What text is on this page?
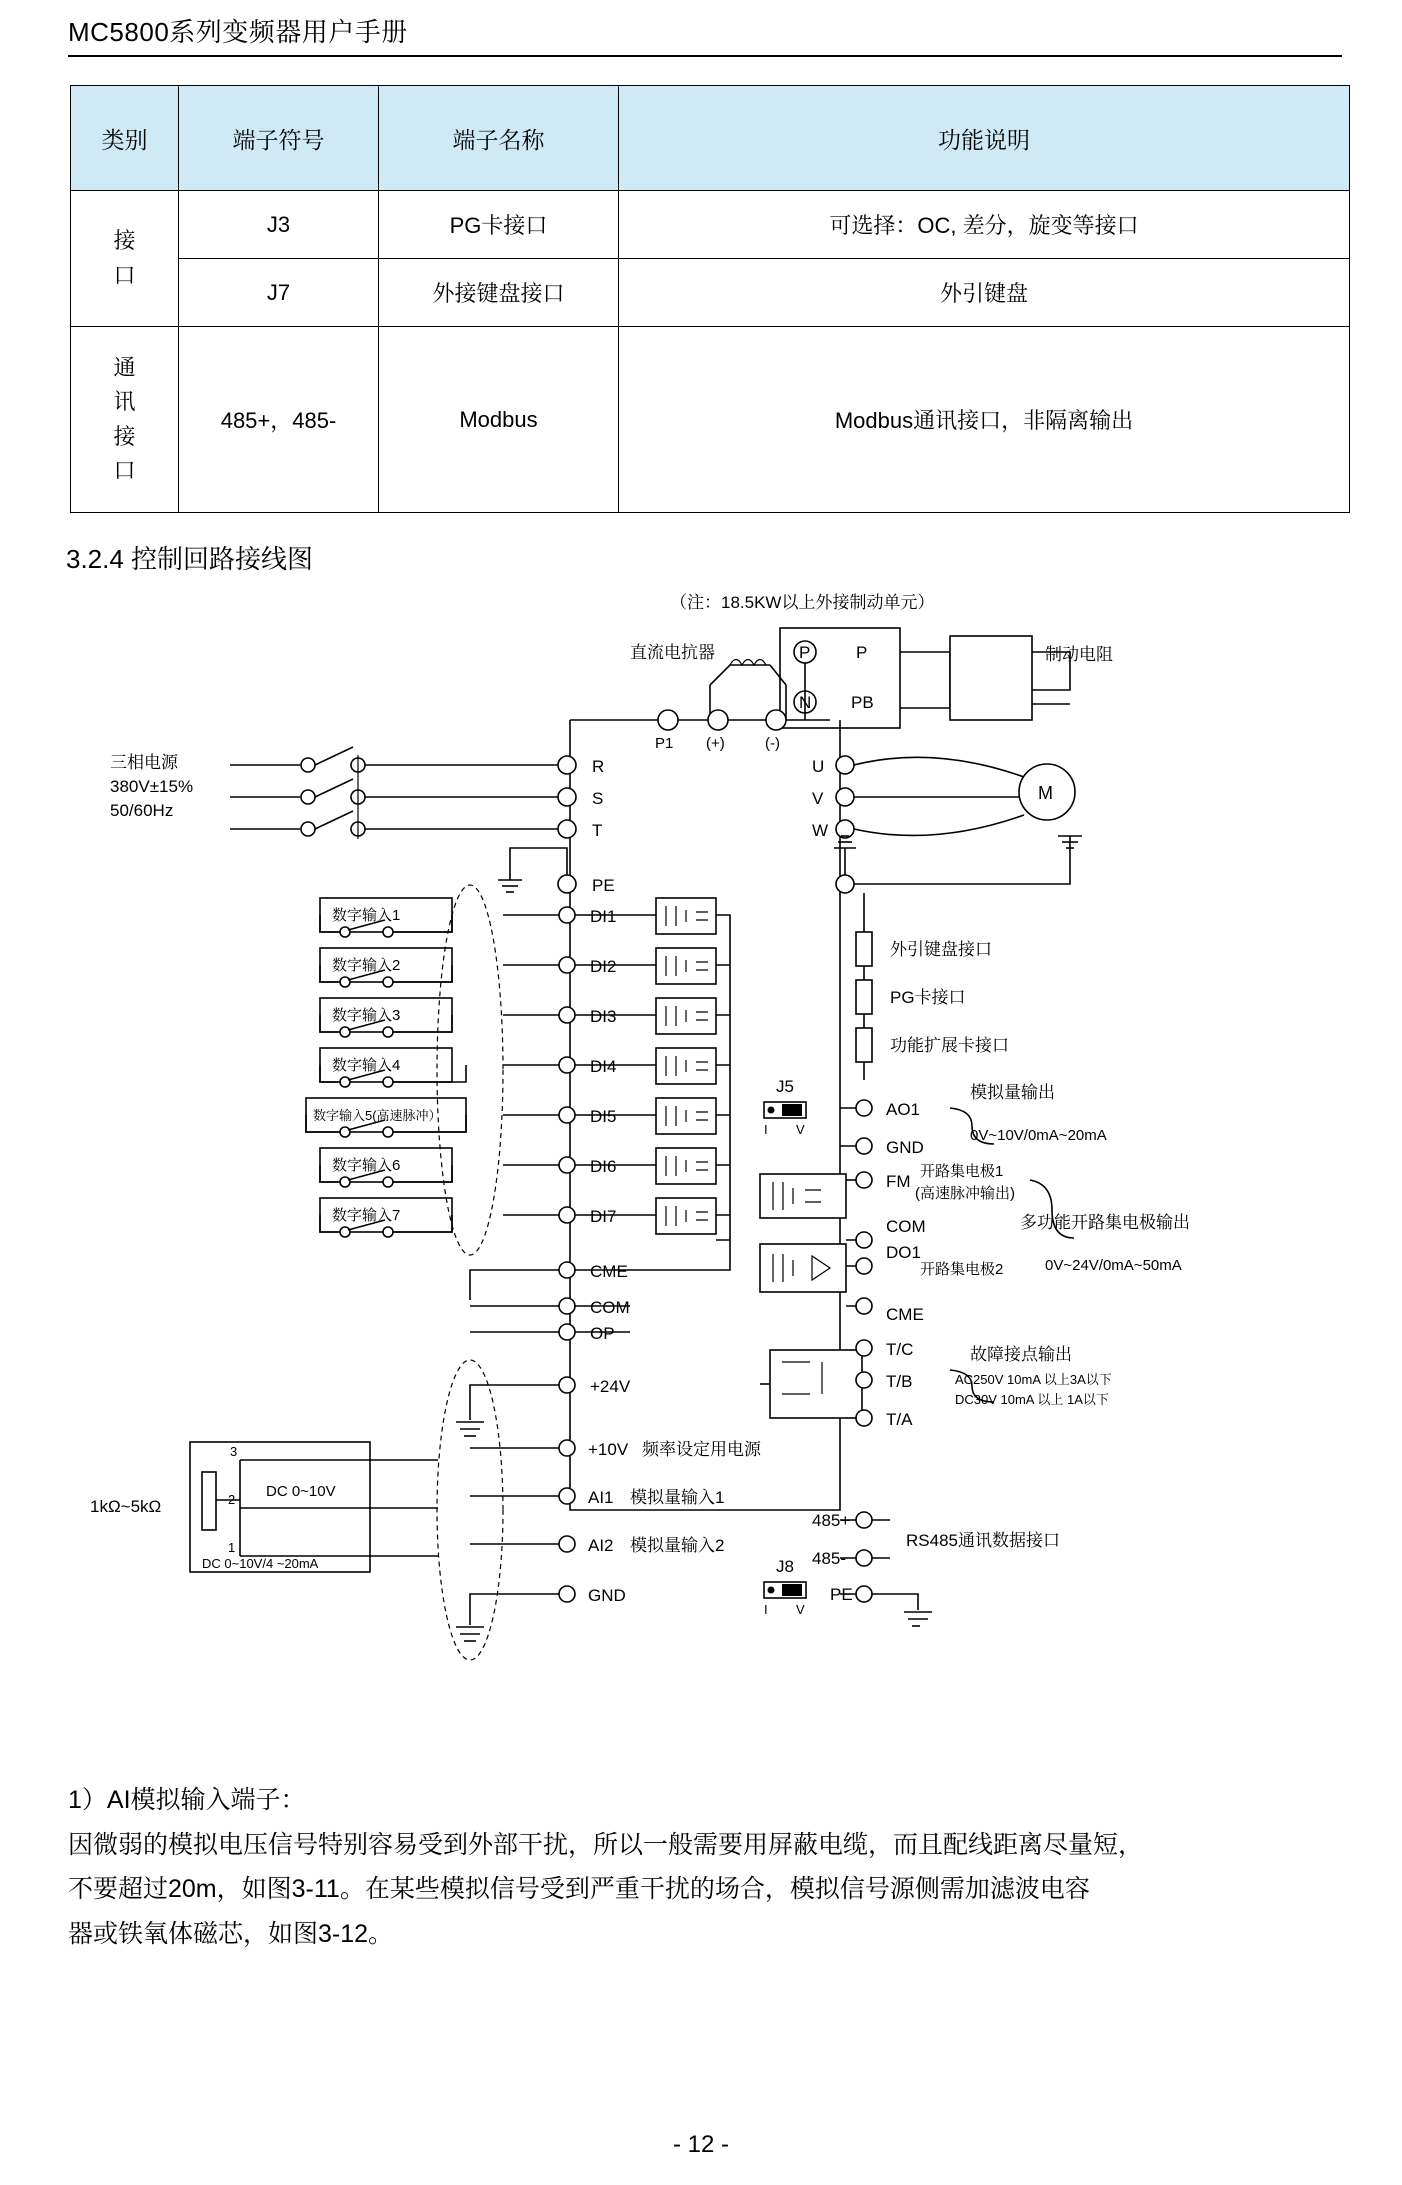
MC5800系列变频器用户手册
类别	端子符号	端子名称	功能说明

接
口	J3	PG卡接口	可选择：OC, 差分，旋变等接口
	J7	外接键盘接口	外引键盘

通
讯
接
口	485+，485-	Modbus	Modbus通讯接口，非隔离输出
3.2.4 控制回路接线图
（注：18.5KW以上外接制动单元）
P
N
P
PB
制动电阻
直流电抗器
P1 (+)	(-)
三相电源
380V±15%
50/60Hz
R
S
T
PE
U
V
W
M
数字输入1
数字输入2
数字输入3
数字输入4
数字输入5(高速脉冲）
数字输入6
数字输入7
DI1
DI2
DI3
DI4
DI5
DI6
DI7
CME
COM
OP
+24V
外引键盘接口
PG卡接口
功能扩展卡接口
J5
I V
AO1
GND
模拟量输出
0V~10V/0mA~20mA
FM
开路集电极1
(高速脉冲输出)
COM
DO1
CME
开路集电极2
多功能开路集电极输出
0V~24V/0mA~50mA
T/C
T/B
T/A
故障接点输出
AC250V 10mA 以上3A以下
DC30V 10mA 以上 1A以下
+10V 频率设定用电源
AI1 模拟量输入1
AI2 模拟量输入2
GND
3
2
1
1kΩ~5kΩ
DC 0~10V
DC 0~10V/4 ~20mA	J8
I V
485+
485-
PE
RS485通讯数据接口

1）AI模拟输入端子：

因微弱的模拟电压信号特别容易受到外部干扰，所以一般需要用屏蔽电缆，而且配线距离尽量短，

不要超过20m，如图3-11。在某些模拟信号受到严重干扰的场合，模拟信号源侧需加滤波电容

器或铁氧体磁芯，如图3-12。

- 12 -
